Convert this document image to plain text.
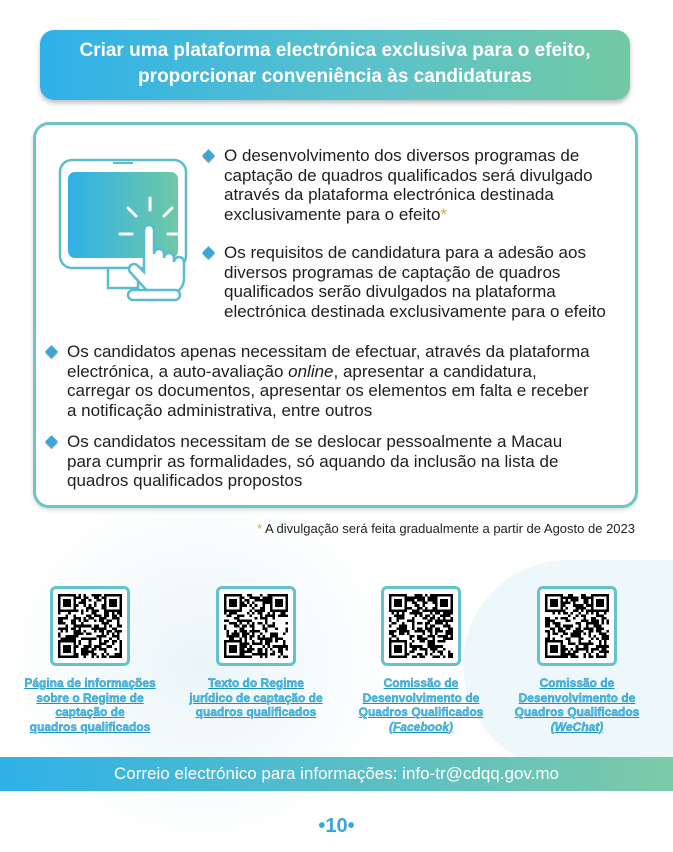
Criar uma plataforma electrónica exclusiva para o efeito,
proporcionar conveniência às candidaturas
O desenvolvimento dos diversos programas de
captação de quadros qualificados será divulgado
através da plataforma electrónica destinada
exclusivamente para o efeito*
Os requisitos de candidatura para a adesão aos
diversos programas de captação de quadros
qualificados serão divulgados na plataforma
electrónica destinada exclusivamente para o efeito
Os candidatos apenas necessitam de efectuar, através da plataforma
electrónica, a auto-avaliação online, apresentar a candidatura,
carregar os documentos, apresentar os elementos em falta e receber
a notificação administrativa, entre outros
Os candidatos necessitam de se deslocar pessoalmente a Macau
para cumprir as formalidades, só aquando da inclusão na lista de
quadros qualificados propostos
* A divulgação será feita gradualmente a partir de Agosto de 2023
Página de informações
sobre o Regime de
captação de
quadros qualificados
Texto do Regime
jurídico de captação de
quadros qualificados
Comissão de
Desenvolvimento de
Quadros Qualificados
(Facebook)
Comissão de
Desenvolvimento de
Quadros Qualificados
(WeChat)
Correio electrónico para informações: info-tr@cdqq.gov.mo
•10•
